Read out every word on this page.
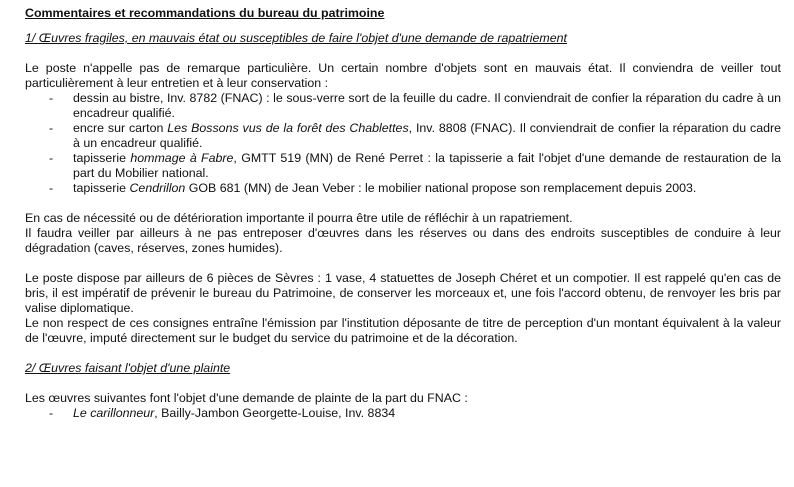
Commentaires et recommandations du bureau du patrimoine
1/ Œuvres fragiles, en mauvais état ou susceptibles de faire l'objet d'une demande de rapatriement

Le poste n'appelle pas de remarque particulière. Un certain nombre d'objets sont en mauvais état. Il conviendra de veiller tout particulièrement à leur entretien et à leur conservation :

- dessin au bistre, Inv. 8782 (FNAC) : le sous-verre sort de la feuille du cadre. Il conviendrait de confier la réparation du cadre à un encadreur qualifié.
- encre sur carton Les Bossons vus de la forêt des Chablettes, Inv. 8808 (FNAC). Il conviendrait de confier la réparation du cadre à un encadreur qualifié.
- tapisserie hommage à Fabre, GMTT 519 (MN) de René Perret : la tapisserie a fait l'objet d'une demande de restauration de la part du Mobilier national.
- tapisserie Cendrillon GOB 681 (MN) de Jean Veber : le mobilier national propose son remplacement depuis 2003.

En cas de nécessité ou de détérioration importante il pourra être utile de réfléchir à un rapatriement.

Il faudra veiller par ailleurs à ne pas entreposer d'œuvres dans les réserves ou dans des endroits susceptibles de conduire à leur dégradation (caves, réserves, zones humides).

Le poste dispose par ailleurs de 6 pièces de Sèvres : 1 vase, 4 statuettes de Joseph Chéret et un compotier. Il est rappelé qu'en cas de bris, il est impératif de prévenir le bureau du Patrimoine, de conserver les morceaux et, une fois l'accord obtenu, de renvoyer les bris par valise diplomatique.

Le non respect de ces consignes entraîne l'émission par l'institution déposante de titre de perception d'un montant équivalent à la valeur de l'œuvre, imputé directement sur le budget du service du patrimoine et de la décoration.

2/ Œuvres faisant l'objet d'une plainte

Les œuvres suivantes font l'objet d'une demande de plainte de la part du FNAC :

- Le carillonneur, Bailly-Jambon Georgette-Louise, Inv. 8834
